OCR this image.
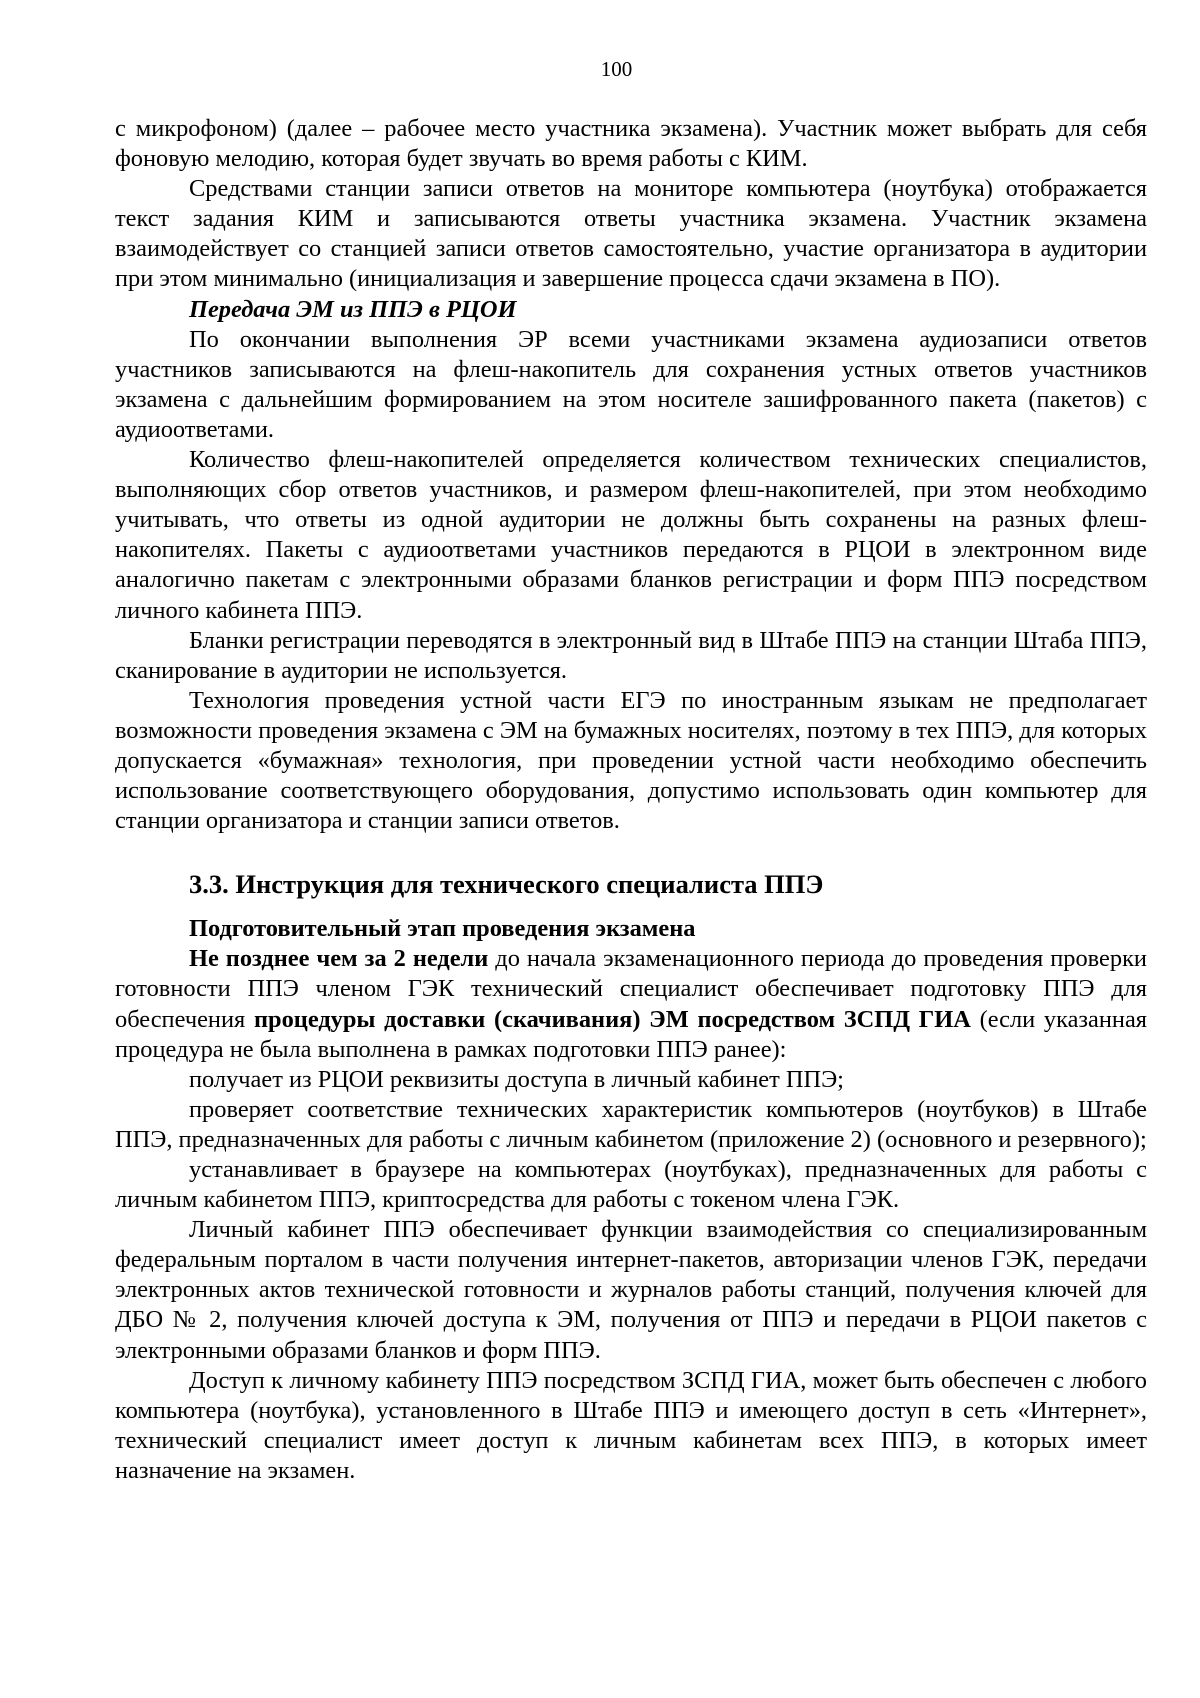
100

с микрофоном) (далее – рабочее место участника экзамена). Участник может выбрать для себя фоновую мелодию, которая будет звучать во время работы с КИМ.

Средствами станции записи ответов на мониторе компьютера (ноутбука) отображается текст задания КИМ и записываются ответы участника экзамена. Участник экзамена взаимодействует со станцией записи ответов самостоятельно, участие организатора в аудитории при этом минимально (инициализация и завершение процесса сдачи экзамена в ПО).

Передача ЭМ из ППЭ в РЦОИ

По окончании выполнения ЭР всеми участниками экзамена аудиозаписи ответов участников записываются на флеш-накопитель для сохранения устных ответов участников экзамена с дальнейшим формированием на этом носителе зашифрованного пакета (пакетов) с аудиоответами.

Количество флеш-накопителей определяется количеством технических специалистов, выполняющих сбор ответов участников, и размером флеш-накопителей, при этом необходимо учитывать, что ответы из одной аудитории не должны быть сохранены на разных флеш-накопителях. Пакеты с аудиоответами участников передаются в РЦОИ в электронном виде аналогично пакетам с электронными образами бланков регистрации и форм ППЭ посредством личного кабинета ППЭ.

Бланки регистрации переводятся в электронный вид в Штабе ППЭ на станции Штаба ППЭ, сканирование в аудитории не используется.

Технология проведения устной части ЕГЭ по иностранным языкам не предполагает возможности проведения экзамена с ЭМ на бумажных носителях, поэтому в тех ППЭ, для которых допускается «бумажная» технология, при проведении устной части необходимо обеспечить использование соответствующего оборудования, допустимо использовать один компьютер для станции организатора и станции записи ответов.

3.3. Инструкция для технического специалиста ППЭ
Подготовительный этап проведения экзамена

Не позднее чем за 2 недели до начала экзаменационного периода до проведения проверки готовности ППЭ членом ГЭК технический специалист обеспечивает подготовку ППЭ для обеспечения процедуры доставки (скачивания) ЭМ посредством ЗСПД ГИА (если указанная процедура не была выполнена в рамках подготовки ППЭ ранее):

получает из РЦОИ реквизиты доступа в личный кабинет ППЭ;

проверяет соответствие технических характеристик компьютеров (ноутбуков) в Штабе ППЭ, предназначенных для работы с личным кабинетом (приложение 2) (основного и резервного);

устанавливает в браузере на компьютерах (ноутбуках), предназначенных для работы с личным кабинетом ППЭ, криптосредства для работы с токеном члена ГЭК.

Личный кабинет ППЭ обеспечивает функции взаимодействия со специализированным федеральным порталом в части получения интернет-пакетов, авторизации членов ГЭК, передачи электронных актов технической готовности и журналов работы станций, получения ключей для ДБО № 2, получения ключей доступа к ЭМ, получения от ППЭ и передачи в РЦОИ пакетов с электронными образами бланков и форм ППЭ.

Доступ к личному кабинету ППЭ посредством ЗСПД ГИА, может быть обеспечен с любого компьютера (ноутбука), установленного в Штабе ППЭ и имеющего доступ в сеть «Интернет», технический специалист имеет доступ к личным кабинетам всех ППЭ, в которых имеет назначение на экзамен.
